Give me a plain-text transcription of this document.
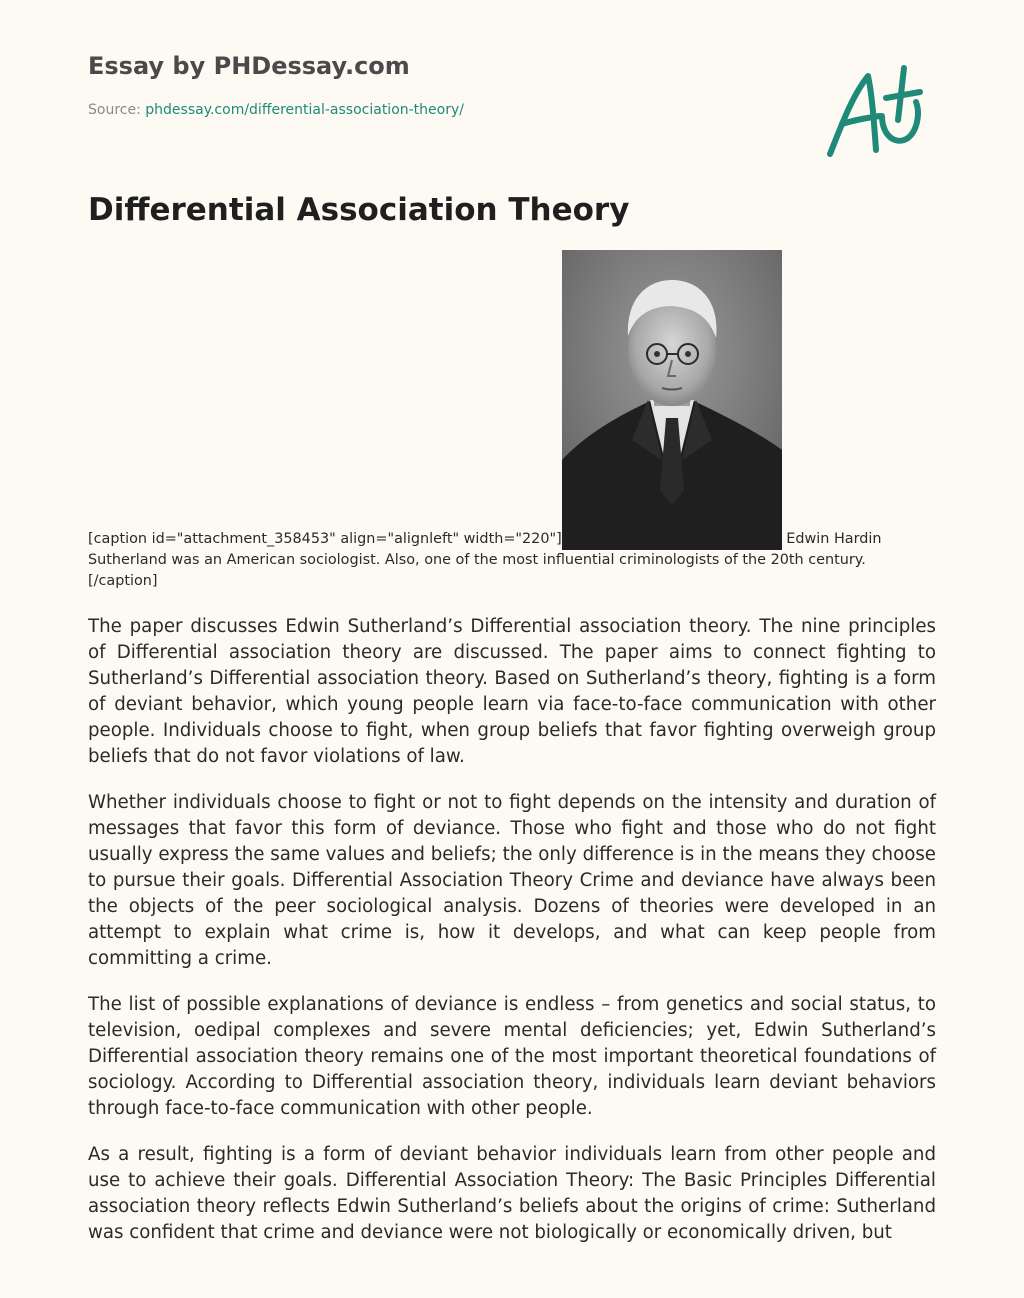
Essay by PHDessay.com
Source: phdessay.com/differential-association-theory/
Differential Association Theory
[caption id="attachment_358453" align="alignleft" width="220"]	Edwin Hardin Sutherland was an American sociologist. Also, one of the most influential criminologists of the 20th century. [/caption]

The paper discusses Edwin Sutherland’s Differential association theory. The nine principles of Differential association theory are discussed. The paper aims to connect fighting to Sutherland’s Differential association theory. Based on Sutherland’s theory, fighting is a form of deviant behavior, which young people learn via face-to-face communication with other people. Individuals choose to fight, when group beliefs that favor fighting overweigh group beliefs that do not favor violations of law.

Whether individuals choose to fight or not to fight depends on the intensity and duration of messages that favor this form of deviance. Those who fight and those who do not fight usually express the same values and beliefs; the only difference is in the means they choose to pursue their goals. Differential Association Theory Crime and deviance have always been the objects of the peer sociological analysis. Dozens of theories were developed in an attempt to explain what crime is, how it develops, and what can keep people from committing a crime.

The list of possible explanations of deviance is endless – from genetics and social status, to television, oedipal complexes and severe mental deficiencies; yet, Edwin Sutherland’s Differential association theory remains one of the most important theoretical foundations of sociology. According to Differential association theory, individuals learn deviant behaviors through face-to-face communication with other people.

As a result, fighting is a form of deviant behavior individuals learn from other people and use to achieve their goals. Differential Association Theory: The Basic Principles Differential association theory reflects Edwin Sutherland’s beliefs about the origins of crime: Sutherland was confident that crime and deviance were not biologically or economically driven, but
